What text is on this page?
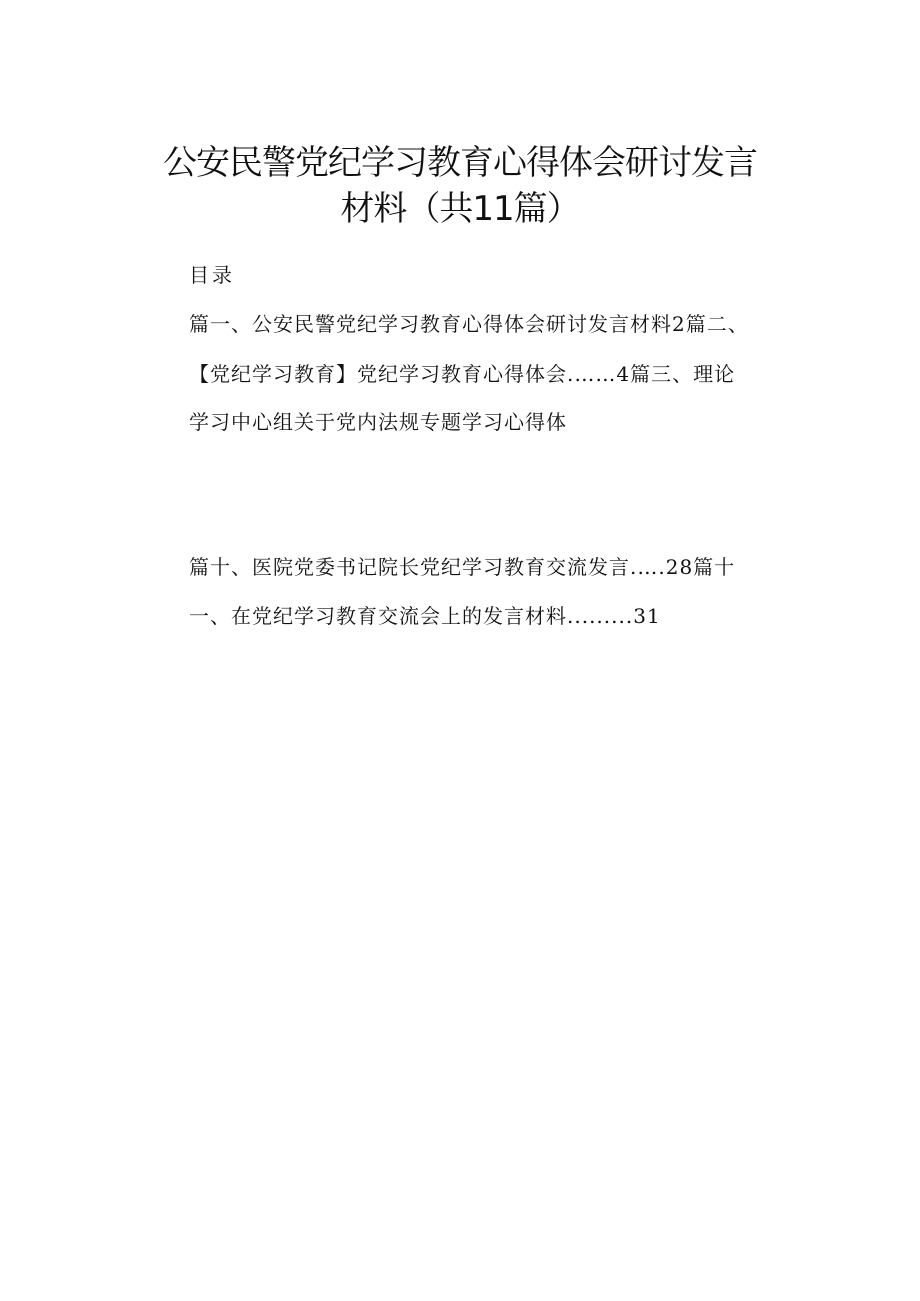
公安民警党纪学习教育心得体会研讨发言
材料（共11篇）
目录
篇一、公安民警党纪学习教育心得体会研讨发言材料2篇二、
【党纪学习教育】党纪学习教育心得体会.……4篇三、理论
学习中心组关于党内法规专题学习心得体
篇十、医院党委书记院长党纪学习教育交流发言.….28篇十
一、在党纪学习教育交流会上的发言材料.........31
